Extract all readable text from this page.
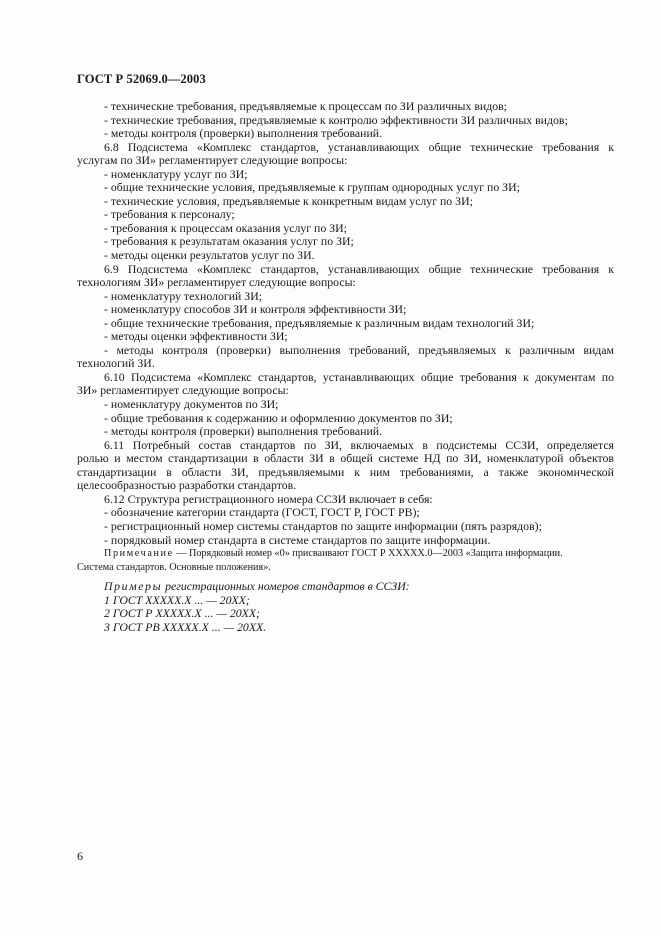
ГОСТ Р 52069.0—2003
- технические требования, предъявляемые к процессам по ЗИ различных видов;
- технические требования, предъявляемые к контролю эффективности ЗИ различных видов;
- методы контроля (проверки) выполнения требований.
6.8 Подсистема «Комплекс стандартов, устанавливающих общие технические требования к
услугам по ЗИ» регламентирует следующие вопросы:
- номенклатуру услуг по ЗИ;
- общие технические условия, предъявляемые к группам однородных услуг по ЗИ;
- технические условия, предъявляемые к конкретным видам услуг по ЗИ;
- требования к персоналу;
- требования к процессам оказания услуг по ЗИ;
- требования к результатам оказания услуг по ЗИ;
- методы оценки результатов услуг по ЗИ.
6.9 Подсистема «Комплекс стандартов, устанавливающих общие технические требования к
технологиям ЗИ» регламентирует следующие вопросы:
- номенклатуру технологий ЗИ;
- номенклатуру способов ЗИ и контроля эффективности ЗИ;
- общие технические требования, предъявляемые к различным видам технологий ЗИ;
- методы оценки эффективности ЗИ;
- методы контроля (проверки) выполнения требований, предъявляемых к различным видам
технологий ЗИ.
6.10 Подсистема «Комплекс стандартов, устанавливающих общие требования к документам по
ЗИ» регламентирует следующие вопросы:
- номенклатуру документов по ЗИ;
- общие требования к содержанию и оформлению документов по ЗИ;
- методы контроля (проверки) выполнения требований.
6.11 Потребный состав стандартов по ЗИ, включаемых в подсистемы ССЗИ, определяется
ролью и местом стандартизации в области ЗИ в общей системе НД по ЗИ, номенклатурой объектов
стандартизации в области ЗИ, предъявляемыми к ним требованиями, а также экономической
целесообразностью разработки стандартов.
6.12 Структура регистрационного номера ССЗИ включает в себя:
- обозначение категории стандарта (ГОСТ, ГОСТ Р, ГОСТ РВ);
- регистрационный номер системы стандартов по защите информации (пять разрядов);
- порядковый номер стандарта в системе стандартов по защите информации.
Примечание — Порядковый номер «0» присваивают ГОСТ Р ХХХХХ.0—2003 «Защита информации.
Система стандартов. Основные положения».
Примеры регистрационных номеров стандартов в ССЗИ:
1 ГОСТ ХХХХХ.Х ... — 20ХХ;
2 ГОСТ Р ХХХХХ.Х ... — 20ХХ;
3 ГОСТ РВ ХХХХХ.Х ... — 20ХХ.
6
